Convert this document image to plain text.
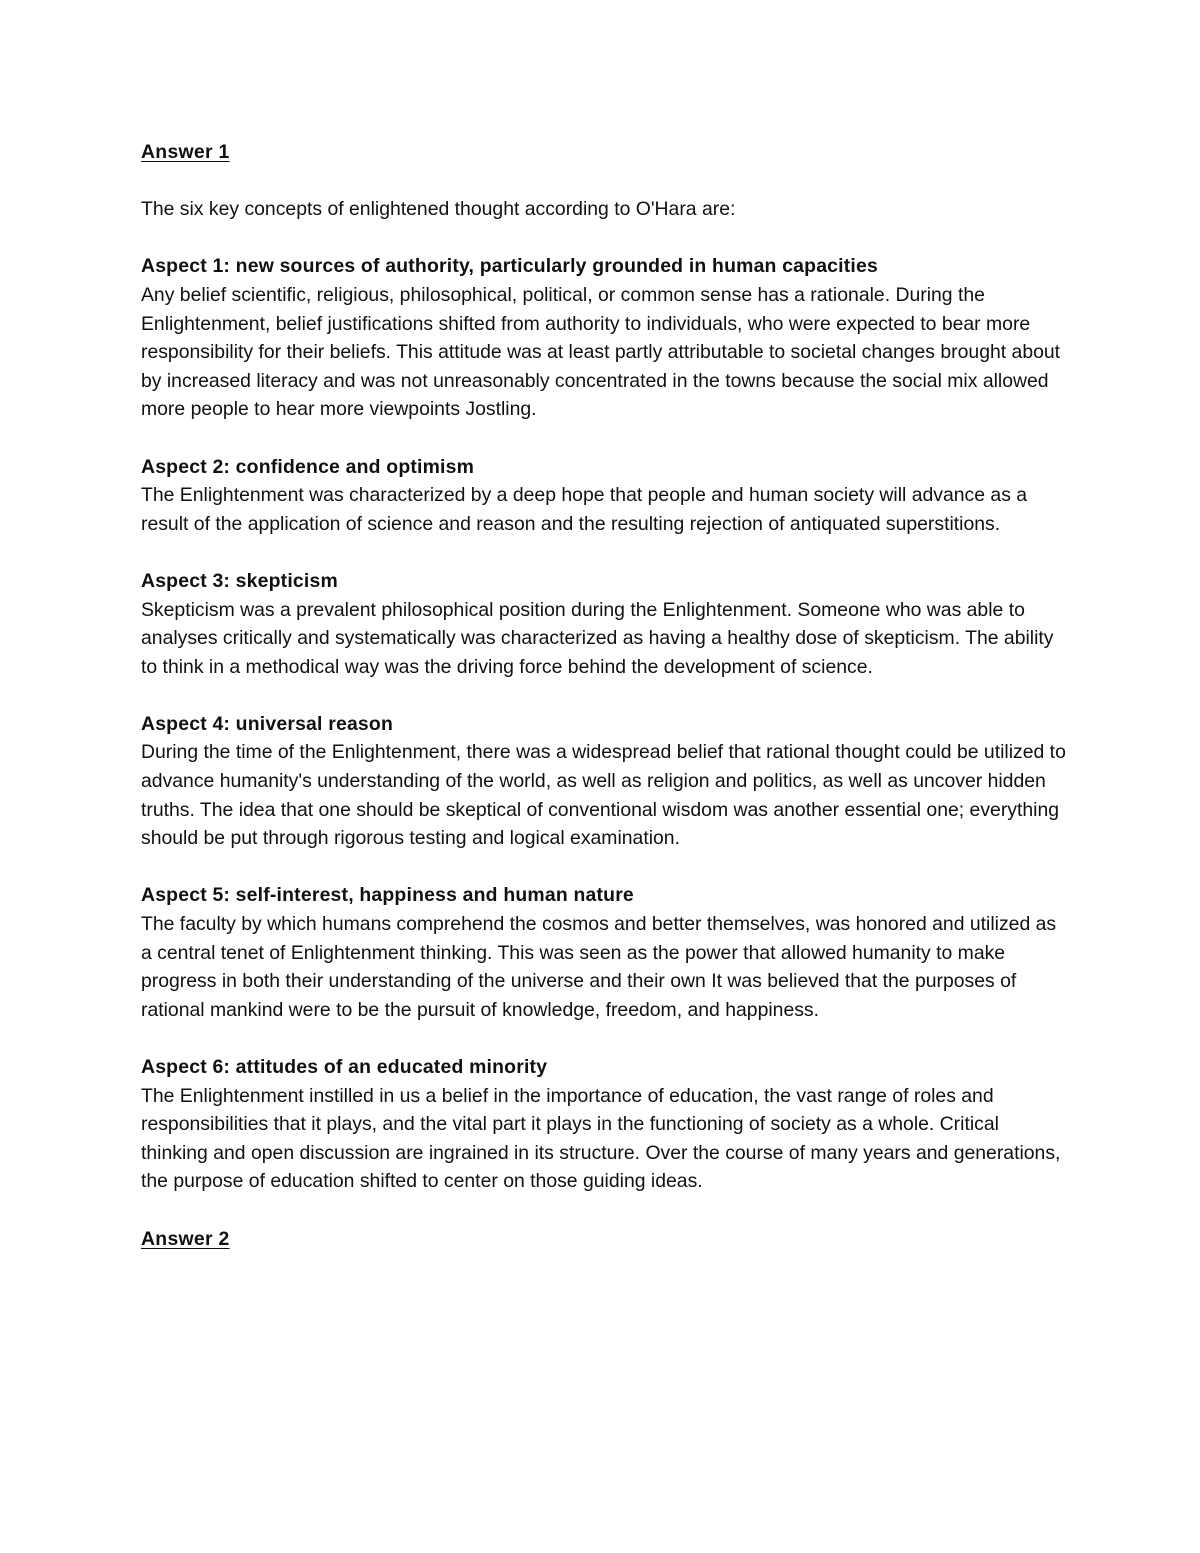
Answer 1

The six key concepts of enlightened thought according to O'Hara are:

Aspect 1: new sources of authority, particularly grounded in human capacities

Any belief scientific, religious, philosophical, political, or common sense has a rationale. During the Enlightenment, belief justifications shifted from authority to individuals, who were expected to bear more responsibility for their beliefs. This attitude was at least partly attributable to societal changes brought about by increased literacy and was not unreasonably concentrated in the towns because the social mix allowed more people to hear more viewpoints Jostling.

Aspect 2: confidence and optimism

The Enlightenment was characterized by a deep hope that people and human society will advance as a result of the application of science and reason and the resulting rejection of antiquated superstitions.

Aspect 3: skepticism

Skepticism was a prevalent philosophical position during the Enlightenment. Someone who was able to analyses critically and systematically was characterized as having a healthy dose of skepticism. The ability to think in a methodical way was the driving force behind the development of science.

Aspect 4: universal reason

During the time of the Enlightenment, there was a widespread belief that rational thought could be utilized to advance humanity's understanding of the world, as well as religion and politics, as well as uncover hidden truths. The idea that one should be skeptical of conventional wisdom was another essential one; everything should be put through rigorous testing and logical examination.

Aspect 5: self-interest, happiness and human nature

The faculty by which humans comprehend the cosmos and better themselves, was honored and utilized as a central tenet of Enlightenment thinking. This was seen as the power that allowed humanity to make progress in both their understanding of the universe and their own It was believed that the purposes of rational mankind were to be the pursuit of knowledge, freedom, and happiness.

Aspect 6: attitudes of an educated minority

The Enlightenment instilled in us a belief in the importance of education, the vast range of roles and responsibilities that it plays, and the vital part it plays in the functioning of society as a whole. Critical thinking and open discussion are ingrained in its structure. Over the course of many years and generations, the purpose of education shifted to center on those guiding ideas.

Answer 2
